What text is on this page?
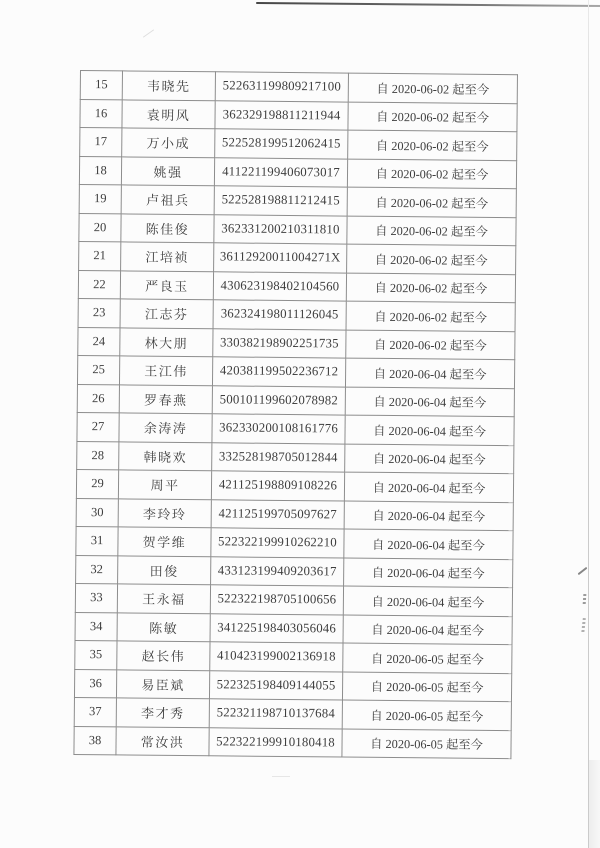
15	韦晓先	522631199809217100	自 2020-06-02 起至今
16	袁明风	362329198811211944	自 2020-06-02 起至今
17	万小成	522528199512062415	自 2020-06-02 起至今
18	姚强	411221199406073017	自 2020-06-02 起至今
19	卢祖兵	522528198811212415	自 2020-06-02 起至今
20	陈佳俊	362331200210311810	自 2020-06-02 起至今
21	江培祯	36112920011004271X	自 2020-06-02 起至今
22	严良玉	430623198402104560	自 2020-06-02 起至今
23	江志芬	362324198011126045	自 2020-06-02 起至今
24	林大朋	330382198902251735	自 2020-06-02 起至今
25	王江伟	420381199502236712	自 2020-06-04 起至今
26	罗春燕	500101199602078982	自 2020-06-04 起至今
27	余涛涛	362330200108161776	自 2020-06-04 起至今
28	韩晓欢	332528198705012844	自 2020-06-04 起至今
29	周平	421125198809108226	自 2020-06-04 起至今
30	李玲玲	421125199705097627	自 2020-06-04 起至今
31	贺学维	522322199910262210	自 2020-06-04 起至今
32	田俊	433123199409203617	自 2020-06-04 起至今
33	王永福	522322198705100656	自 2020-06-04 起至今
34	陈敏	341225198403056046	自 2020-06-04 起至今
35	赵长伟	410423199002136918	自 2020-06-05 起至今
36	易臣斌	522325198409144055	自 2020-06-05 起至今
37	李才秀	522321198710137684	自 2020-06-05 起至今
38	常汝洪	522322199910180418	自 2020-06-05 起至今
